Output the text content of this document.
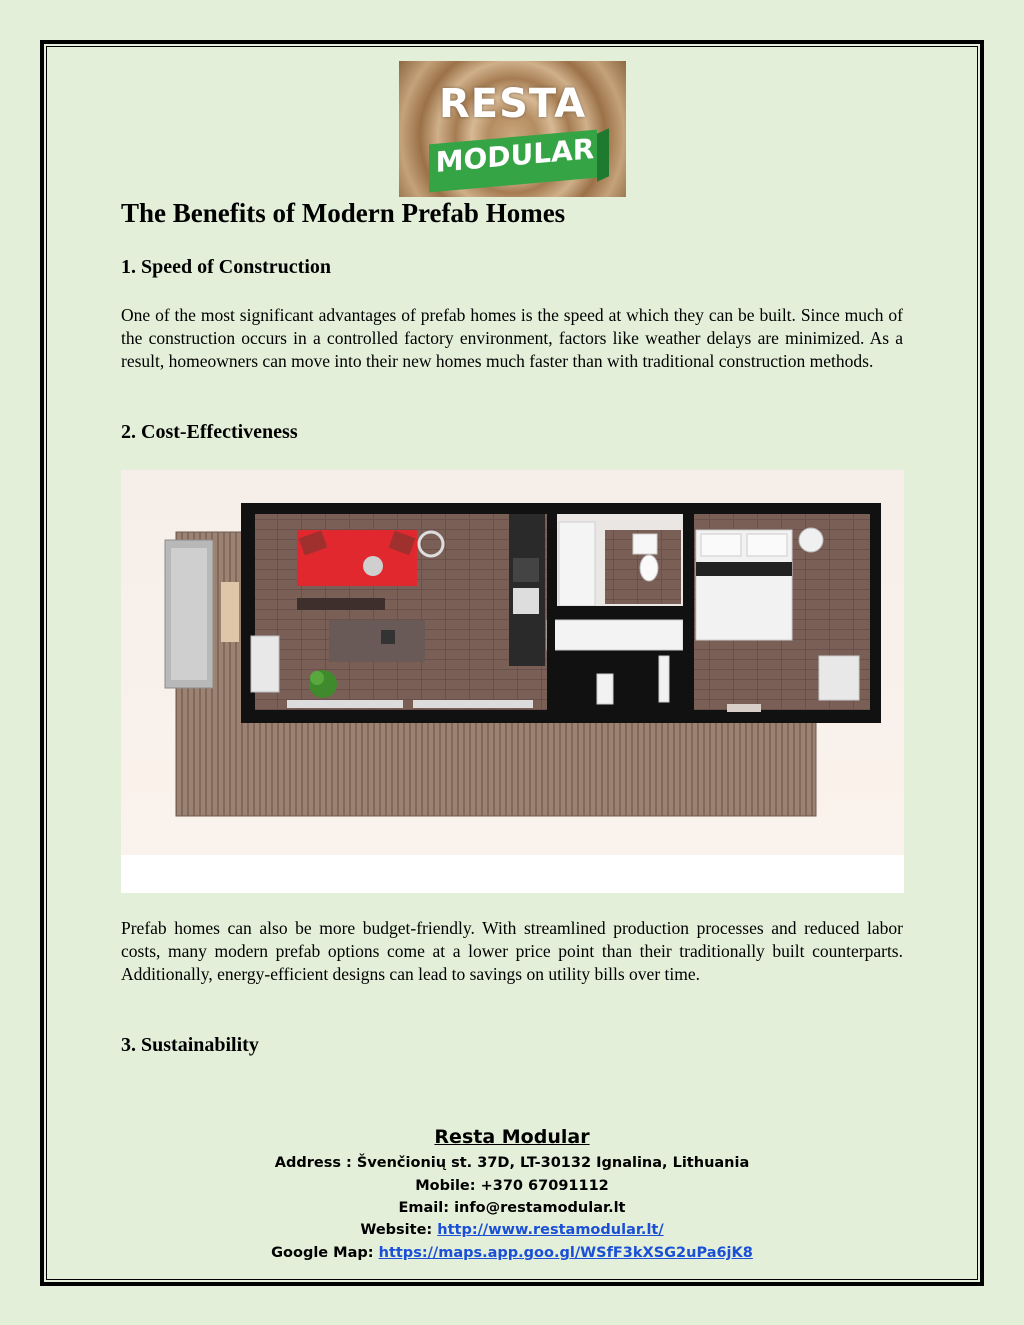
RESTA
MODULAR
The Benefits of Modern Prefab Homes
1. Speed of Construction

One of the most significant advantages of prefab homes is the speed at which they can be built. Since much of the construction occurs in a controlled factory environment, factors like weather delays are minimized. As a result, homeowners can move into their new homes much faster than with traditional construction methods.

2. Cost-Effectiveness

Prefab homes can also be more budget-friendly. With streamlined production processes and reduced labor costs, many modern prefab options come at a lower price point than their traditionally built counterparts. Additionally, energy-efficient designs can lead to savings on utility bills over time.

3. Sustainability
Resta Modular
Address : Švenčionių st. 37D, LT-30132 Ignalina, Lithuania
Mobile: +370 67091112
Email: info@restamodular.lt
Website: http://www.restamodular.lt/
Google Map: https://maps.app.goo.gl/WSfF3kXSG2uPa6jK8
